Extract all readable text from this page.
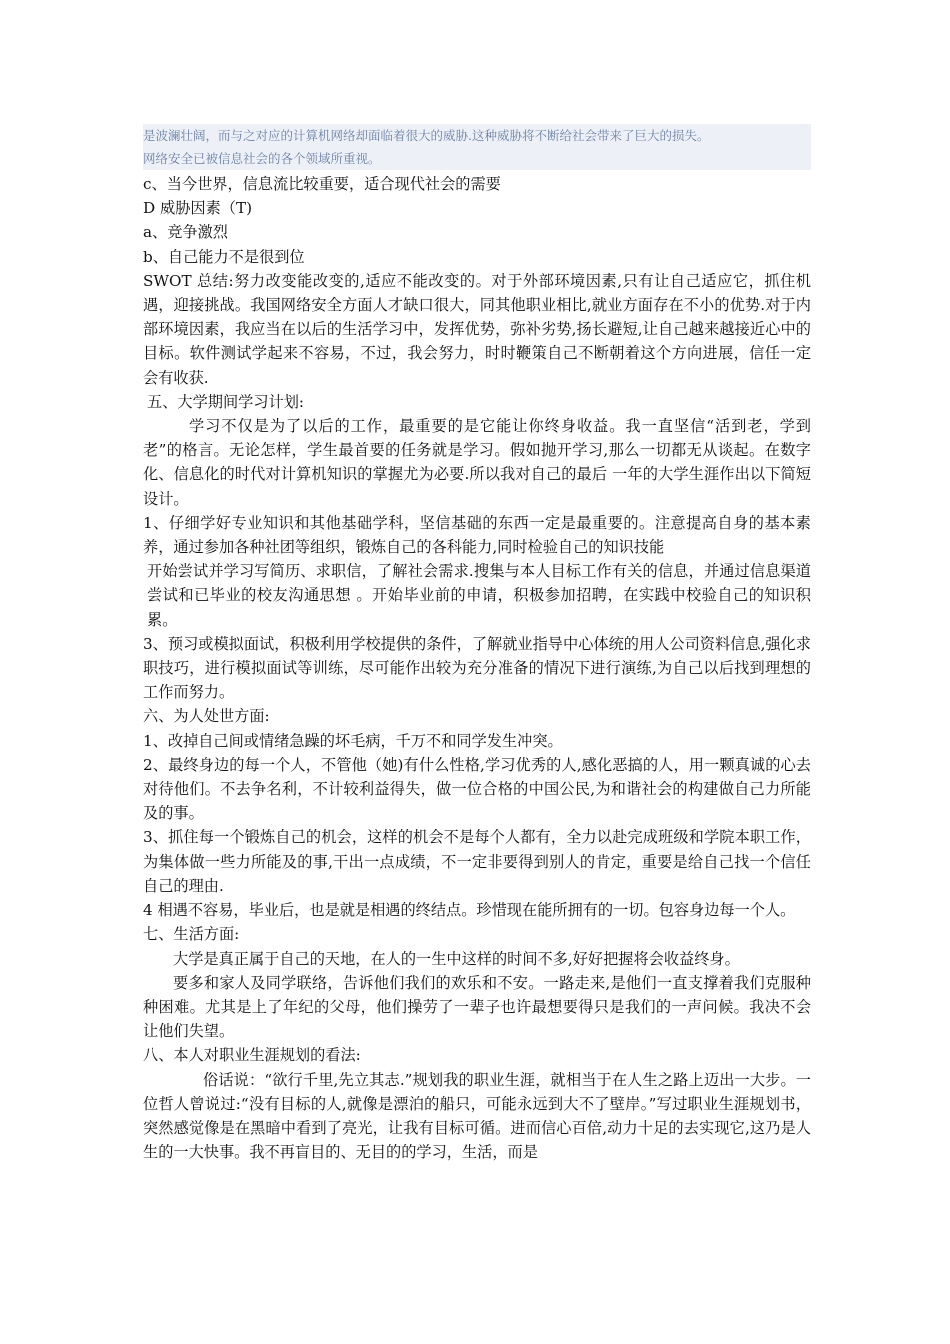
是波澜壮阔，而与之对应的计算机网络却面临着很大的威胁.这种威胁将不断给社会带来了巨大的损失。

网络安全已被信息社会的各个领域所重视。

c、当今世界，信息流比较重要，适合现代社会的需要

D 威胁因素（T)

a、竞争激烈

b、自己能力不是很到位

SWOT 总结:努力改变能改变的,适应不能改变的。对于外部环境因素,只有让自己适应它，抓住机遇，迎接挑战。我国网络安全方面人才缺口很大，同其他职业相比,就业方面存在不小的优势.对于内部环境因素，我应当在以后的生活学习中，发挥优势，弥补劣势,扬长避短,让自己越来越接近心中的目标。软件测试学起来不容易，不过，我会努力，时时鞭策自己不断朝着这个方向进展，信任一定会有收获.

五、大学期间学习计划:

学习不仅是为了以后的工作，最重要的是它能让你终身收益。我一直坚信“活到老，学到老”的格言。无论怎样，学生最首要的任务就是学习。假如抛开学习,那么一切都无从谈起。在数字化、信息化的时代对计算机知识的掌握尤为必要.所以我对自己的最后 一年的大学生涯作出以下简短设计。

1、仔细学好专业知识和其他基础学科，坚信基础的东西一定是最重要的。注意提高自身的基本素养，通过参加各种社团等组织，锻炼自己的各科能力,同时检验自己的知识技能

开始尝试并学习写简历、求职信，了解社会需求.搜集与本人目标工作有关的信息，并通过信息渠道尝试和已毕业的校友沟通思想 。开始毕业前的申请，积极参加招聘，在实践中校验自己的知识积累。

3、预习或模拟面试，积极利用学校提供的条件，了解就业指导中心体统的用人公司资料信息,强化求职技巧，进行模拟面试等训练，尽可能作出较为充分准备的情况下进行演练,为自己以后找到理想的工作而努力。

六、为人处世方面:

1、改掉自己间或情绪急躁的坏毛病，千万不和同学发生冲突。

2、最终身边的每一个人，不管他（她)有什么性格,学习优秀的人,感化恶搞的人，用一颗真诚的心去对待他们。不去争名利，不计较利益得失，做一位合格的中国公民,为和谐社会的构建做自己力所能及的事。

3、抓住每一个锻炼自己的机会，这样的机会不是每个人都有，全力以赴完成班级和学院本职工作，为集体做一些力所能及的事,干出一点成绩，不一定非要得到别人的肯定，重要是给自己找一个信任自己的理由.

4 相遇不容易，毕业后，也是就是相遇的终结点。珍惜现在能所拥有的一切。包容身边每一个人。

七、生活方面:

大学是真正属于自己的天地，在人的一生中这样的时间不多,好好把握将会收益终身。

要多和家人及同学联络，告诉他们我们的欢乐和不安。一路走来,是他们一直支撑着我们克服种种困难。尤其是上了年纪的父母，他们操劳了一辈子也许最想要得只是我们的一声问候。我决不会让他们失望。

八、本人对职业生涯规划的看法:

俗话说：“欲行千里,先立其志.”规划我的职业生涯，就相当于在人生之路上迈出一大步。一位哲人曾说过:“没有目标的人,就像是漂泊的船只，可能永远到大不了壁岸。”写过职业生涯规划书，突然感觉像是在黑暗中看到了亮光，让我有目标可循。进而信心百倍,动力十足的去实现它,这乃是人生的一大快事。我不再盲目的、无目的的学习，生活，而是
